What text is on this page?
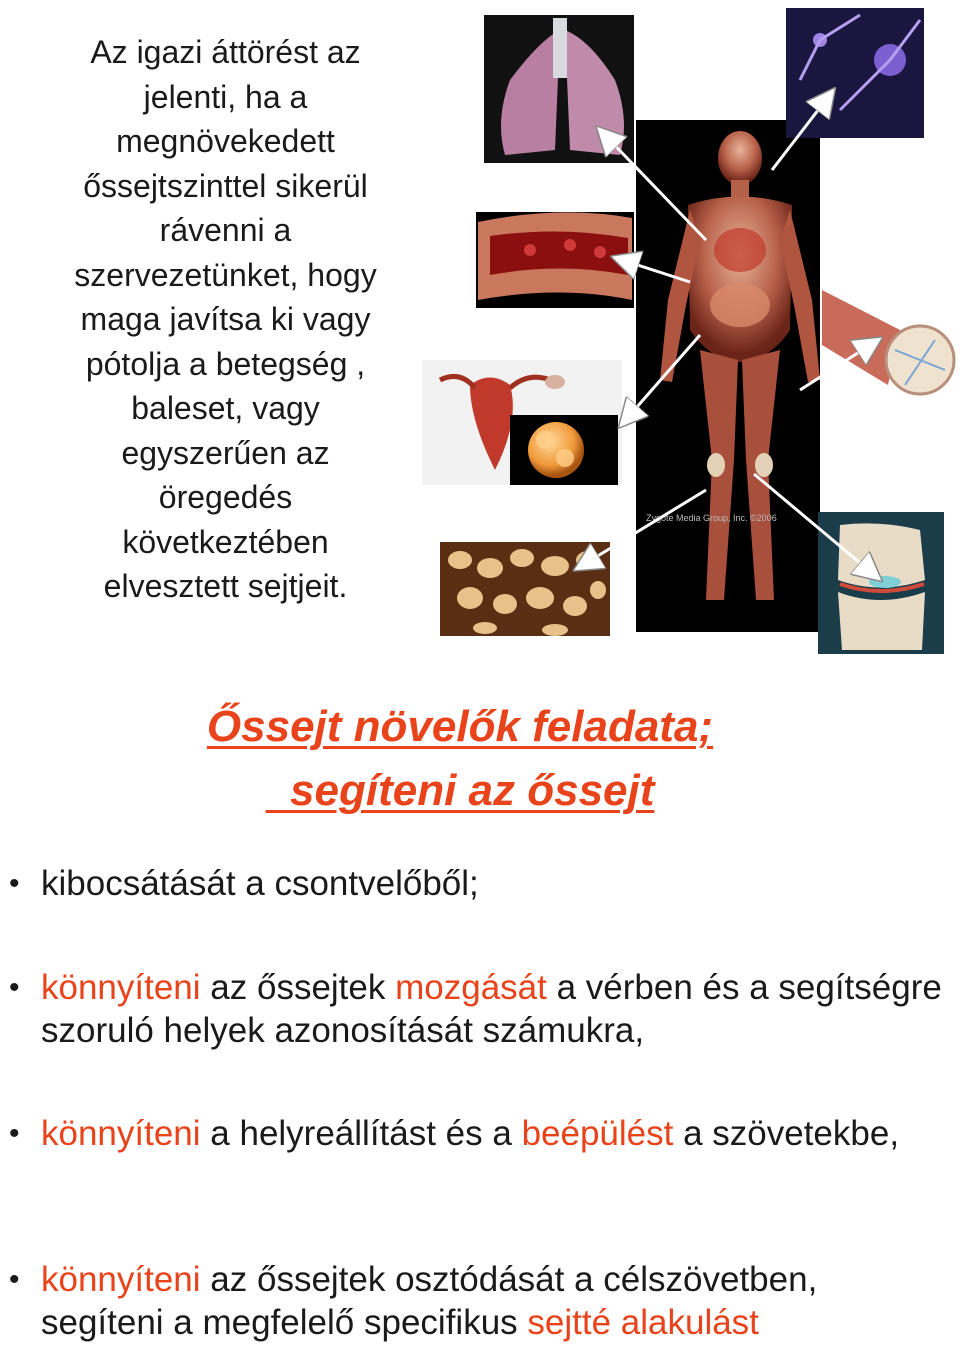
Az igazi áttörést az
jelenti, ha a
megnövekedett
őssejtszinttel sikerül
rávenni a
szervezetünket, hogy
maga javítsa ki vagy
pótolja a betegség ,
baleset, vagy
egyszerűen az
öregedés
következtében
elvesztett sejtjeit.
Zygote Media Group, Inc. ©2006
Őssejt növelők feladata;
segíteni az őssejt
• kibocsátását a csontvelőből;
• könnyíteni az őssejtek mozgását a vérben és a segítségre szoruló helyek azonosítását számukra,
• könnyíteni a helyreállítást és a beépülést a szövetekbe,
• könnyíteni az őssejtek osztódását a célszövetben, segíteni a megfelelő specifikus sejtté alakulást
